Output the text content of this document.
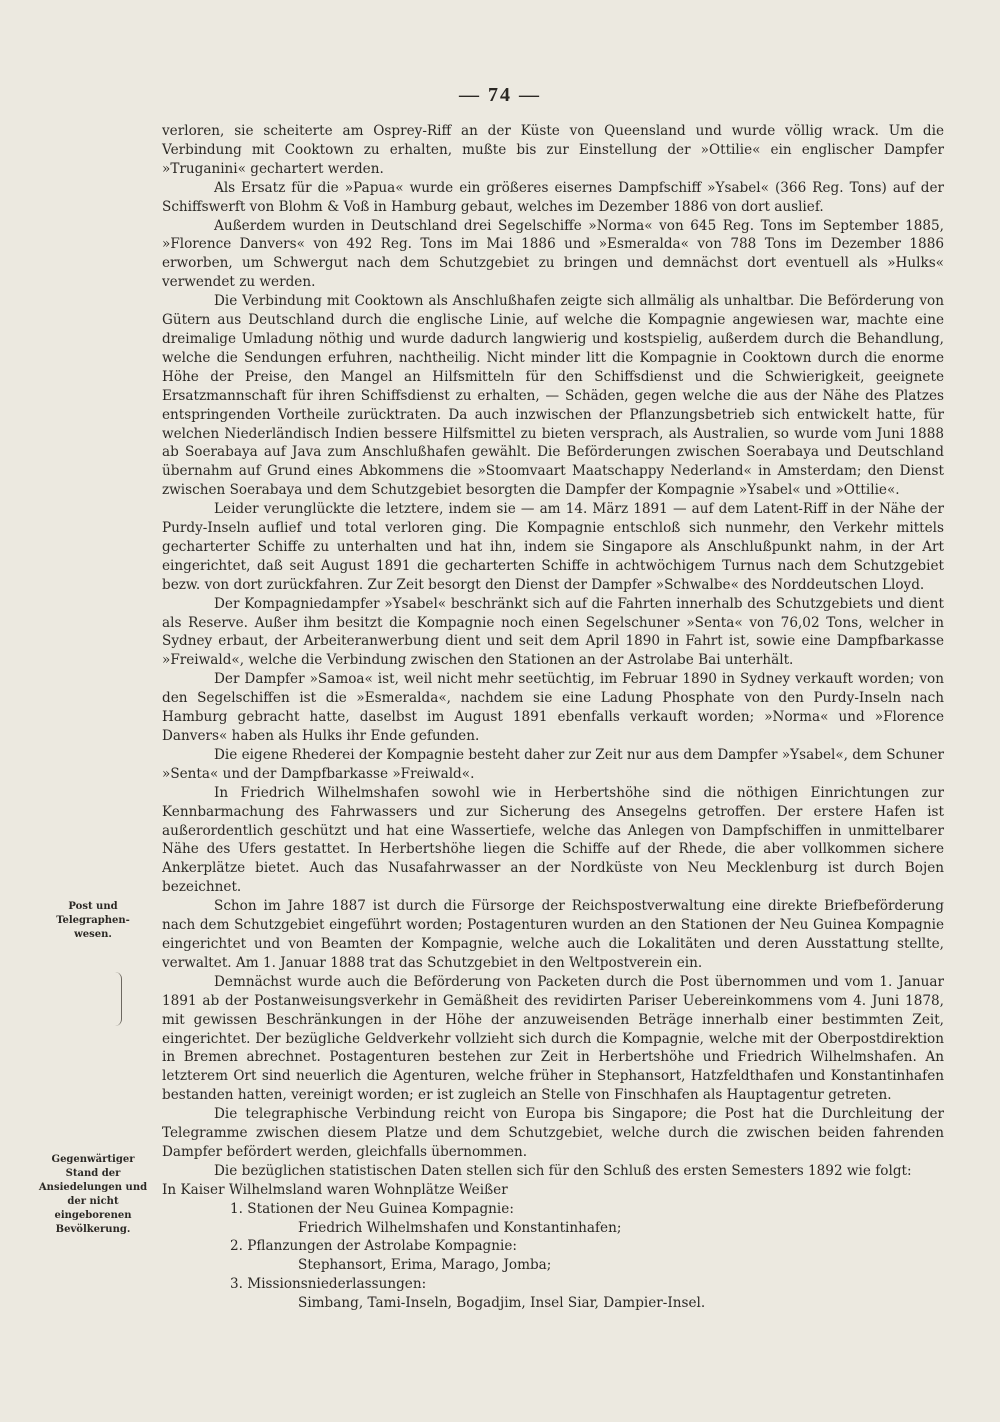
— 74 —
Post und Telegraphen-wesen.
Gegenwärtiger Stand der Ansiedelungen und der nicht eingeborenen Bevölkerung.

verloren, sie scheiterte am Osprey-Riff an der Küste von Queensland und wurde völlig wrack. Um die Verbindung mit Cooktown zu erhalten, mußte bis zur Einstellung der »Ottilie« ein englischer Dampfer »Truganini« gechartert werden.

Als Ersatz für die »Papua« wurde ein größeres eisernes Dampfschiff »Ysabel« (366 Reg. Tons) auf der Schiffswerft von Blohm & Voß in Hamburg gebaut, welches im Dezember 1886 von dort auslief.

Außerdem wurden in Deutschland drei Segelschiffe »Norma« von 645 Reg. Tons im September 1885, »Florence Danvers« von 492 Reg. Tons im Mai 1886 und »Esmeralda« von 788 Tons im Dezember 1886 erworben, um Schwergut nach dem Schutzgebiet zu bringen und demnächst dort eventuell als »Hulks« verwendet zu werden.

Die Verbindung mit Cooktown als Anschlußhafen zeigte sich allmälig als unhaltbar. Die Beförderung von Gütern aus Deutschland durch die englische Linie, auf welche die Kompagnie angewiesen war, machte eine dreimalige Umladung nöthig und wurde dadurch langwierig und kostspielig, außerdem durch die Behandlung, welche die Sendungen erfuhren, nachtheilig. Nicht minder litt die Kompagnie in Cooktown durch die enorme Höhe der Preise, den Mangel an Hilfsmitteln für den Schiffsdienst und die Schwierigkeit, geeignete Ersatzmannschaft für ihren Schiffsdienst zu erhalten, — Schäden, gegen welche die aus der Nähe des Platzes entspringenden Vortheile zurücktraten. Da auch inzwischen der Pflanzungsbetrieb sich entwickelt hatte, für welchen Niederländisch Indien bessere Hilfsmittel zu bieten versprach, als Australien, so wurde vom Juni 1888 ab Soerabaya auf Java zum Anschlußhafen gewählt. Die Beförderungen zwischen Soerabaya und Deutschland übernahm auf Grund eines Abkommens die »Stoomvaart Maatschappy Nederland« in Amsterdam; den Dienst zwischen Soerabaya und dem Schutzgebiet besorgten die Dampfer der Kompagnie »Ysabel« und »Ottilie«.

Leider verunglückte die letztere, indem sie — am 14. März 1891 — auf dem Latent-Riff in der Nähe der Purdy-Inseln auflief und total verloren ging. Die Kompagnie entschloß sich nunmehr, den Verkehr mittels gecharterter Schiffe zu unterhalten und hat ihn, indem sie Singapore als Anschlußpunkt nahm, in der Art eingerichtet, daß seit August 1891 die gecharterten Schiffe in achtwöchigem Turnus nach dem Schutzgebiet bezw. von dort zurückfahren. Zur Zeit besorgt den Dienst der Dampfer »Schwalbe« des Norddeutschen Lloyd.

Der Kompagniedampfer »Ysabel« beschränkt sich auf die Fahrten innerhalb des Schutzgebiets und dient als Reserve. Außer ihm besitzt die Kompagnie noch einen Segelschuner »Senta« von 76,02 Tons, welcher in Sydney erbaut, der Arbeiteranwerbung dient und seit dem April 1890 in Fahrt ist, sowie eine Dampfbarkasse »Freiwald«, welche die Verbindung zwischen den Stationen an der Astrolabe Bai unterhält.

Der Dampfer »Samoa« ist, weil nicht mehr seetüchtig, im Februar 1890 in Sydney verkauft worden; von den Segelschiffen ist die »Esmeralda«, nachdem sie eine Ladung Phosphate von den Purdy-Inseln nach Hamburg gebracht hatte, daselbst im August 1891 ebenfalls verkauft worden; »Norma« und »Florence Danvers« haben als Hulks ihr Ende gefunden.

Die eigene Rhederei der Kompagnie besteht daher zur Zeit nur aus dem Dampfer »Ysabel«, dem Schuner »Senta« und der Dampfbarkasse »Freiwald«.

In Friedrich Wilhelmshafen sowohl wie in Herbertshöhe sind die nöthigen Einrichtungen zur Kennbarmachung des Fahrwassers und zur Sicherung des Ansegelns getroffen. Der erstere Hafen ist außerordentlich geschützt und hat eine Wassertiefe, welche das Anlegen von Dampfschiffen in unmittelbarer Nähe des Ufers gestattet. In Herbertshöhe liegen die Schiffe auf der Rhede, die aber vollkommen sichere Ankerplätze bietet. Auch das Nusafahrwasser an der Nordküste von Neu Mecklenburg ist durch Bojen bezeichnet.

Schon im Jahre 1887 ist durch die Fürsorge der Reichspostverwaltung eine direkte Briefbeförderung nach dem Schutzgebiet eingeführt worden; Postagenturen wurden an den Stationen der Neu Guinea Kompagnie eingerichtet und von Beamten der Kompagnie, welche auch die Lokalitäten und deren Ausstattung stellte, verwaltet. Am 1. Januar 1888 trat das Schutzgebiet in den Weltpostverein ein.

Demnächst wurde auch die Beförderung von Packeten durch die Post übernommen und vom 1. Januar 1891 ab der Postanweisungsverkehr in Gemäßheit des revidirten Pariser Uebereinkommens vom 4. Juni 1878, mit gewissen Beschränkungen in der Höhe der anzuweisenden Beträge innerhalb einer bestimmten Zeit, eingerichtet. Der bezügliche Geldverkehr vollzieht sich durch die Kompagnie, welche mit der Oberpostdirektion in Bremen abrechnet. Postagenturen bestehen zur Zeit in Herbertshöhe und Friedrich Wilhelmshafen. An letzterem Ort sind neuerlich die Agenturen, welche früher in Stephansort, Hatzfeldthafen und Konstantinhafen bestanden hatten, vereinigt worden; er ist zugleich an Stelle von Finschhafen als Hauptagentur getreten.

Die telegraphische Verbindung reicht von Europa bis Singapore; die Post hat die Durchleitung der Telegramme zwischen diesem Platze und dem Schutzgebiet, welche durch die zwischen beiden fahrenden Dampfer befördert werden, gleichfalls übernommen.

Die bezüglichen statistischen Daten stellen sich für den Schluß des ersten Semesters 1892 wie folgt:

In Kaiser Wilhelmsland waren Wohnplätze Weißer

1. Stationen der Neu Guinea Kompagnie:

Friedrich Wilhelmshafen und Konstantinhafen;

2. Pflanzungen der Astrolabe Kompagnie:

Stephansort, Erima, Marago, Jomba;

3. Missionsniederlassungen:

Simbang, Tami-Inseln, Bogadjim, Insel Siar, Dampier-Insel.
